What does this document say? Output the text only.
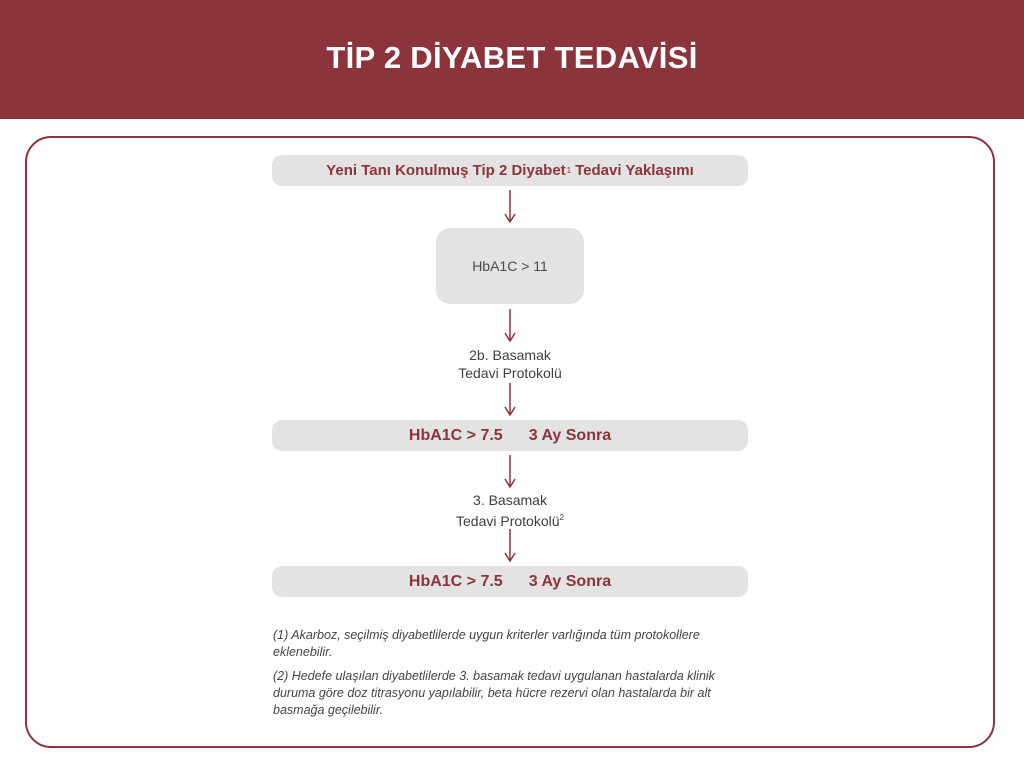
TİP 2 DİYABET TEDAVİSİ
Yeni Tanı Konulmuş Tip 2 Diyabet 1 Tedavi Yaklaşımı
HbA1C > 11
2b. Basamak
Tedavi Protokolü
HbA1C > 7.5 3 Ay Sonra
3. Basamak
Tedavi Protokolü$^2$
HbA1C > 7.5 3 Ay Sonra

(1) Akarboz, seçilmiş diyabetlilerde uygun kriterler varlığında tüm protokollere eklenebilir.

(2) Hedefe ulaşılan diyabetlilerde 3. basamak tedavi uygulanan hastalarda klinik duruma göre doz titrasyonu yapılabilir, beta hücre rezervi olan hastalarda bir alt basmağa geçilebilir.
